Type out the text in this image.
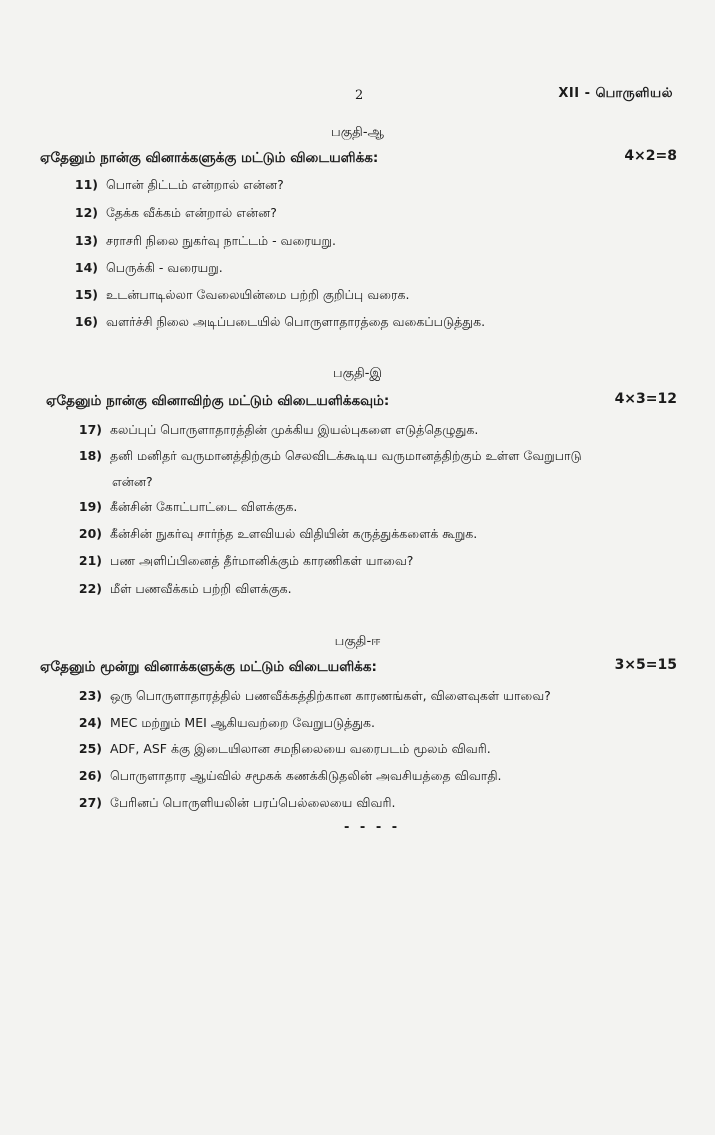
2	XII - பொருளியல்
பகுதி-ஆ
ஏதேனும் நான்கு வினாக்களுக்கு மட்டும் விடையளிக்க:	4×2=8
11) பொன் திட்டம் என்றால் என்ன?
12) தேக்க வீக்கம் என்றால் என்ன?
13) சராசரி நிலை நுகர்வு நாட்டம் - வரையறு.
14) பெருக்கி - வரையறு.
15) உடன்பாடில்லா வேலையின்மை பற்றி குறிப்பு வரைக.
16) வளர்ச்சி நிலை அடிப்படையில் பொருளாதாரத்தை வகைப்படுத்துக.
பகுதி-இ
ஏதேனும் நான்கு வினாவிற்கு மட்டும் விடையளிக்கவும்:	4×3=12
17) கலப்புப் பொருளாதாரத்தின் முக்கிய இயல்புகளை எடுத்தெழுதுக.
18) தனி மனிதர் வருமானத்திற்கும் செலவிடக்கூடிய வருமானத்திற்கும் உள்ள வேறுபாடு
என்ன?
19) கீன்சின் கோட்பாட்டை விளக்குக.
20) கீன்சின் நுகர்வு சார்ந்த உளவியல் விதியின் கருத்துக்களைக் கூறுக.
21) பண அளிப்பினைத் தீர்மானிக்கும் காரணிகள் யாவை?
22) மீள் பணவீக்கம் பற்றி விளக்குக.
பகுதி-ஈ
ஏதேனும் மூன்று வினாக்களுக்கு மட்டும் விடையளிக்க:	3×5=15
23) ஒரு பொருளாதாரத்தில் பணவீக்கத்திற்கான காரணங்கள், விளைவுகள் யாவை?
24) MEC மற்றும் MEI ஆகியவற்றை வேறுபடுத்துக.
25) ADF, ASF க்கு இடையிலான சமநிலையை வரைபடம் மூலம் விவரி.
26) பொருளாதார ஆய்வில் சமூகக் கணக்கிடுதலின் அவசியத்தை விவாதி.
27) பேரினப் பொருளியலின் பரப்பெல்லையை விவரி.
- - - -
